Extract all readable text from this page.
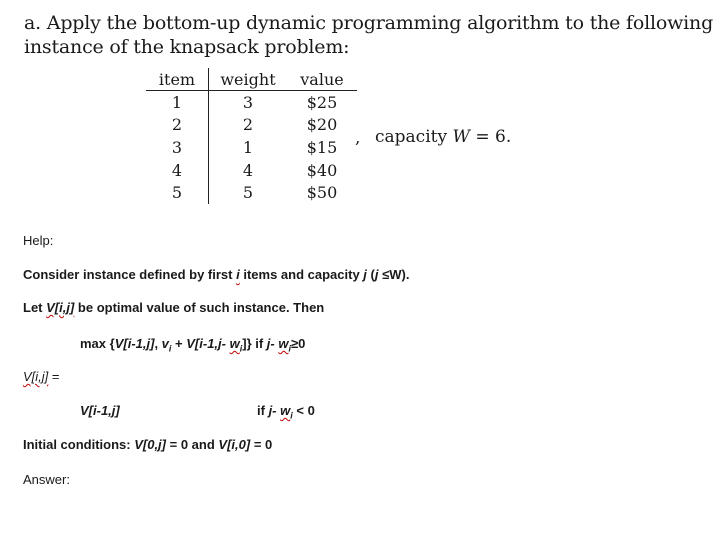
a. Apply the bottom-up dynamic programming algorithm to the following
instance of the knapsack problem:
item	weight	value
1	3	$25
2	2	$20
3	1	$15
4	4	$40
5	5	$50
, capacity W = 6.
Help:
Consider instance defined by first i items and capacity j (j ≤W).
Let V[i,j] be optimal value of such instance. Then
max {V[i-1,j], $v_i + V[i-1,j-$ $w_i$]} if j- $w_i\ge 0$
V[i,j] =
V[i-1,j]	if j- $w_i < 0$
Initial conditions: V[0,j] = 0 and V[i,0] = 0
Answer:
